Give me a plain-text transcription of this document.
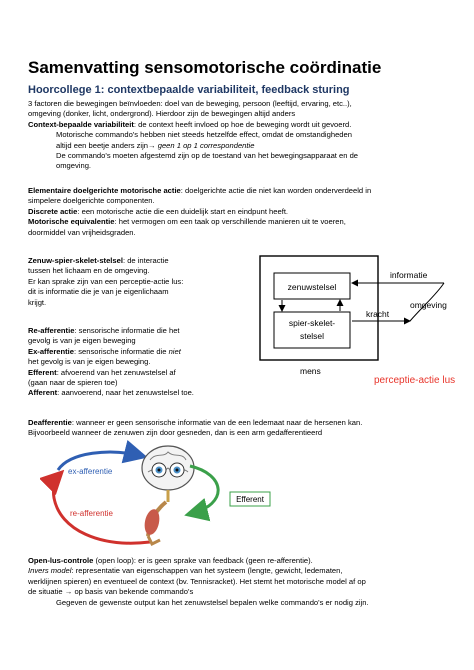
Samenvatting sensomotorische coördinatie
Hoorcollege 1: contextbepaalde variabiliteit, feedback sturing
3 factoren die bewegingen beïnvloeden: doel van de beweging, persoon (leeftijd, ervaring, etc..),
omgeving (donker, licht, ondergrond). Hierdoor zijn de bewegingen altijd anders
Context-bepaalde variabiliteit: de context heeft invloed op hoe de beweging wordt uit gevoerd.
Motorische commando's hebben niet steeds hetzelfde effect, omdat de omstandigheden
altijd een beetje anders zijn→ geen 1 op 1 correspondentie
De commando's moeten afgestemd zijn op de toestand van het bewegingsapparaat en de
omgeving.
Elementaire doelgerichte motorische actie: doelgerichte actie die niet kan worden onderverdeeld in
simpelere doelgerichte componenten.
Discrete actie: een motorische actie die een duidelijk start en eindpunt heeft.
Motorische equivalentie: het vermogen om een taak op verschillende manieren uit te voeren,
doormiddel van vrijheidsgraden.
Zenuw-spier-skelet-stelsel: de interactie
tussen het lichaam en de omgeving.
Er kan sprake zijn van een perceptie-actie lus:
dit is informatie die je van je eigenlichaam
krijgt.
Re-afferentie: sensorische informatie die het
gevolg is van je eigen beweging
Ex-afferentie: sensorische informatie die niet
het gevolg is van je eigen beweging.
Efferent: afvoerend van het zenuwstelsel af
(gaan naar de spieren toe)
Afferent: aanvoerend, naar het zenuwstelsel toe.
zenuwstelsel
spier-skelet-
stelsel
informatie
kracht
omgeving
mens
perceptie-actie lus
Deafferentie: wanneer er geen sensorische informatie van de een ledemaat naar de hersenen kan.
Bijvoorbeeld wanneer de zenuwen zijn door gesneden, dan is een arm gedafferentieerd
ex-afferentie
re-afferentie
Efferent
Open-lus-controle (open loop): er is geen sprake van feedback (geen re-afferentie).
Invers model: representatie van eigenschappen van het systeem (lengte, gewicht, ledematen,
werklijnen spieren) en eventueel de context (bv. Tennisracket). Het stemt het motorische model af op
de situatie → op basis van bekende commando's
Gegeven de gewenste output kan het zenuwstelsel bepalen welke commando's er nodig zijn.
